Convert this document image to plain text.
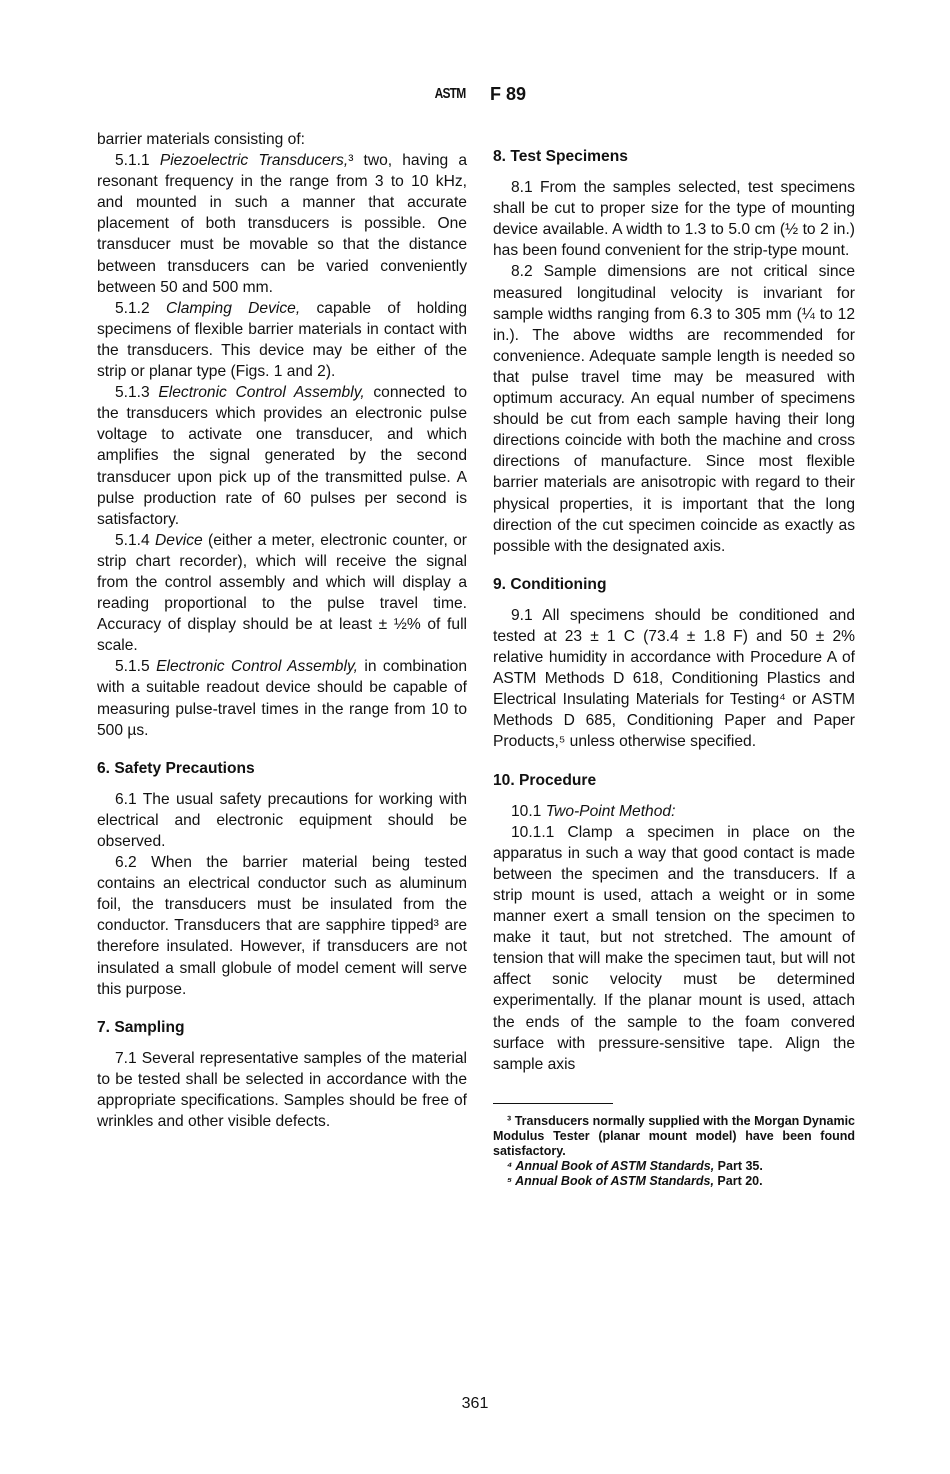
ASTM F 89

barrier materials consisting of:

5.1.1 Piezoelectric Transducers,³ two, having a resonant frequency in the range from 3 to 10 kHz, and mounted in such a manner that accurate placement of both transducers is possible. One transducer must be movable so that the distance between transducers can be varied conveniently between 50 and 500 mm.

5.1.2 Clamping Device, capable of holding specimens of flexible barrier materials in contact with the transducers. This device may be either of the strip or planar type (Figs. 1 and 2).

5.1.3 Electronic Control Assembly, connected to the transducers which provides an electronic pulse voltage to activate one transducer, and which amplifies the signal generated by the second transducer upon pick up of the transmitted pulse. A pulse production rate of 60 pulses per second is satisfactory.

5.1.4 Device (either a meter, electronic counter, or strip chart recorder), which will receive the signal from the control assembly and which will display a reading proportional to the pulse travel time. Accuracy of display should be at least ± ½% of full scale.

5.1.5 Electronic Control Assembly, in combination with a suitable readout device should be capable of measuring pulse-travel times in the range from 10 to 500 µs.

6. Safety Precautions

6.1 The usual safety precautions for working with electrical and electronic equipment should be observed.

6.2 When the barrier material being tested contains an electrical conductor such as aluminum foil, the transducers must be insulated from the conductor. Transducers that are sapphire tipped³ are therefore insulated. However, if transducers are not insulated a small globule of model cement will serve this purpose.

7. Sampling

7.1 Several representative samples of the material to be tested shall be selected in accordance with the appropriate specifications. Samples should be free of wrinkles and other visible defects.

8. Test Specimens

8.1 From the samples selected, test specimens shall be cut to proper size for the type of mounting device available. A width to 1.3 to 5.0 cm (½ to 2 in.) has been found convenient for the strip-type mount.

8.2 Sample dimensions are not critical since measured longitudinal velocity is invariant for sample widths ranging from 6.3 to 305 mm (¼ to 12 in.). The above widths are recommended for convenience. Adequate sample length is needed so that pulse travel time may be measured with optimum accuracy. An equal number of specimens should be cut from each sample having their long directions coincide with both the machine and cross directions of manufacture. Since most flexible barrier materials are anisotropic with regard to their physical properties, it is important that the long direction of the cut specimen coincide as exactly as possible with the designated axis.

9. Conditioning

9.1 All specimens should be conditioned and tested at 23 ± 1 C (73.4 ± 1.8 F) and 50 ± 2% relative humidity in accordance with Procedure A of ASTM Methods D 618, Conditioning Plastics and Electrical Insulating Materials for Testing⁴ or ASTM Methods D 685, Conditioning Paper and Paper Products,⁵ unless otherwise specified.

10. Procedure

10.1 Two-Point Method:

10.1.1 Clamp a specimen in place on the apparatus in such a way that good contact is made between the specimen and the transducers. If a strip mount is used, attach a weight or in some manner exert a small tension on the specimen to make it taut, but not stretched. The amount of tension that will make the specimen taut, but will not affect sonic velocity must be determined experimentally. If the planar mount is used, attach the ends of the sample to the foam convered surface with pressure-sensitive tape. Align the sample axis

³ Transducers normally supplied with the Morgan Dynamic Modulus Tester (planar mount model) have been found satisfactory.

⁴ Annual Book of ASTM Standards, Part 35.

⁵ Annual Book of ASTM Standards, Part 20.

361
